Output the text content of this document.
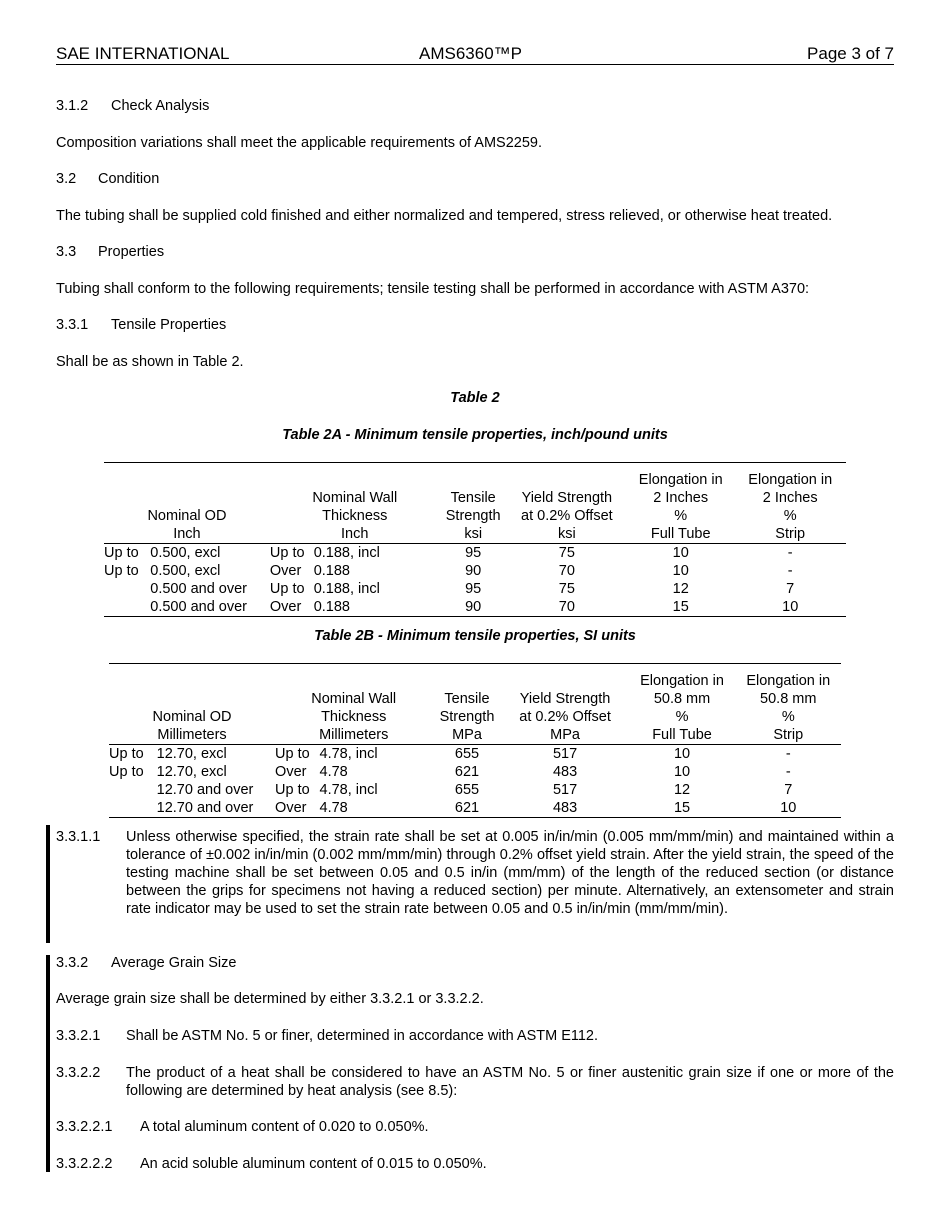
SAE INTERNATIONAL	AMS6360™P	Page 3 of 7
3.1.2 Check Analysis
Composition variations shall meet the applicable requirements of AMS2259.
3.2 Condition
The tubing shall be supplied cold finished and either normalized and tempered, stress relieved, or otherwise heat treated.
3.3 Properties
Tubing shall conform to the following requirements; tensile testing shall be performed in accordance with ASTM A370:
3.3.1 Tensile Properties
Shall be as shown in Table 2.
Table 2
Table 2A - Minimum tensile properties, inch/pound units

						Elongation in	Elongation in
		Nominal Wall		Tensile	Yield Strength	2 Inches	2 Inches
Nominal OD		Thickness		Strength	at 0.2% Offset	%	%
Inch		Inch		ksi	ksi	Full Tube	Strip
Up to	0.500, excl	Up to	0.188, incl	95	75	10	-
Up to	0.500, excl	Over	0.188	90	70	10	-
	0.500 and over	Up to	0.188, incl	95	75	12	7
	0.500 and over	Over	0.188	90	70	15	10
Table 2B - Minimum tensile properties, SI units

						Elongation in	Elongation in
		Nominal Wall		Tensile	Yield Strength	50.8 mm	50.8 mm
Nominal OD		Thickness		Strength	at 0.2% Offset	%	%
Millimeters		Millimeters		MPa	MPa	Full Tube	Strip
Up to	12.70, excl	Up to	4.78, incl	655	517	10	-
Up to	12.70, excl	Over	4.78	621	483	10	-
	12.70 and over	Up to	4.78, incl	655	517	12	7
	12.70 and over	Over	4.78	621	483	15	10
3.3.1.1 Unless otherwise specified, the strain rate shall be set at 0.005 in/in/min (0.005 mm/mm/min) and maintained within a tolerance of ±0.002 in/in/min (0.002 mm/mm/min) through 0.2% offset yield strain. After the yield strain, the speed of the testing machine shall be set between 0.05 and 0.5 in/in (mm/mm) of the length of the reduced section (or distance between the grips for specimens not having a reduced section) per minute. Alternatively, an extensometer and strain rate indicator may be used to set the strain rate between 0.05 and 0.5 in/in/min (mm/mm/min).
3.3.2 Average Grain Size
Average grain size shall be determined by either 3.3.2.1 or 3.3.2.2.
3.3.2.1 Shall be ASTM No. 5 or finer, determined in accordance with ASTM E112.
3.3.2.2 The product of a heat shall be considered to have an ASTM No. 5 or finer austenitic grain size if one or more of the following are determined by heat analysis (see 8.5):
3.3.2.2.1 A total aluminum content of 0.020 to 0.050%.
3.3.2.2.2 An acid soluble aluminum content of 0.015 to 0.050%.
